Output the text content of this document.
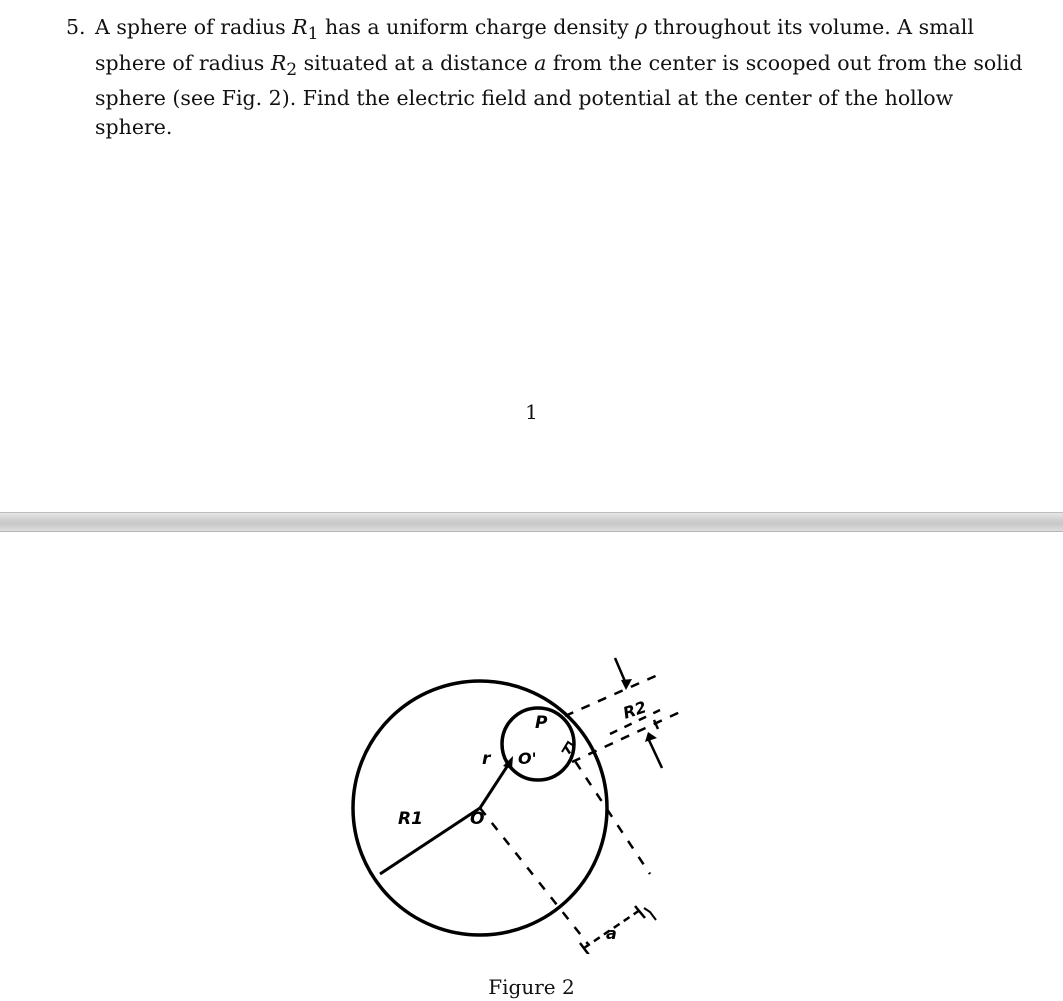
5. A sphere of radius $R_1$ has a uniform charge density ρ throughout its volume. A small sphere of radius $R_2$ situated at a distance a from the center is scooped out from the solid sphere (see Fig. 2). Find the electric field and potential at the center of the hollow sphere.
1
R1	O
O'
P
r
R2
a
Figure 2
